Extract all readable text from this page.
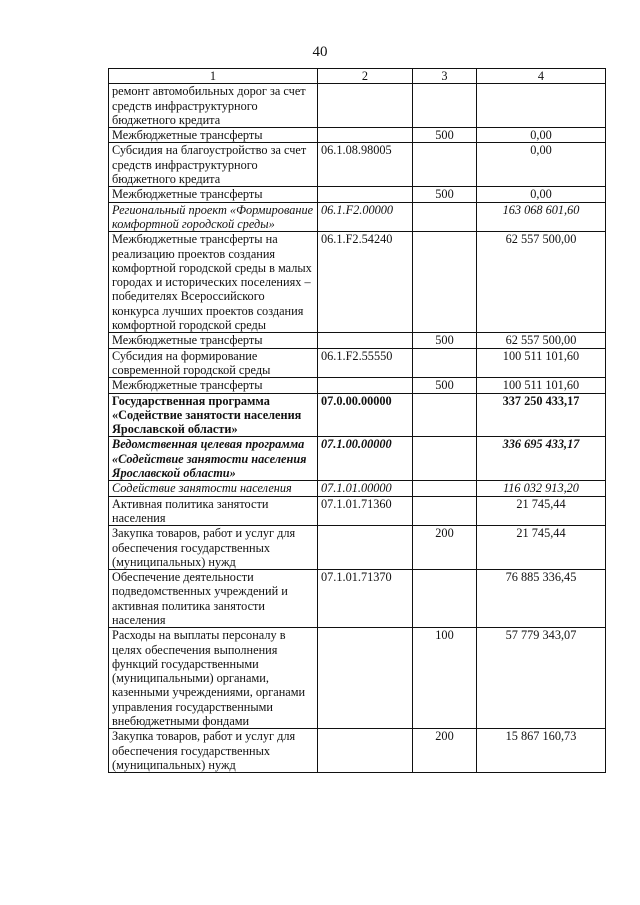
40
1	2	3	4
ремонт автомобильных дорог за счет средств инфраструктурного бюджетного кредита			
Межбюджетные трансферты		500	0,00
Субсидия на благоустройство за счет средств инфраструктурного бюджетного кредита	06.1.08.98005		0,00
Межбюджетные трансферты		500	0,00
Региональный проект «Формирование комфортной городской среды»	06.1.F2.00000		163 068 601,60
Межбюджетные трансферты на реализацию проектов создания комфортной городской среды в малых городах и исторических поселениях – победителях Всероссийского конкурса лучших проектов создания комфортной городской среды	06.1.F2.54240		62 557 500,00
Межбюджетные трансферты		500	62 557 500,00
Субсидия на формирование современной городской среды	06.1.F2.55550		100 511 101,60
Межбюджетные трансферты		500	100 511 101,60
Государственная программа «Содействие занятости населения Ярославской области»	07.0.00.00000		337 250 433,17
Ведомственная целевая программа «Содействие занятости населения Ярославской области»	07.1.00.00000		336 695 433,17
Содействие занятости населения	07.1.01.00000		116 032 913,20
Активная политика занятости населения	07.1.01.71360		21 745,44
Закупка товаров, работ и услуг для обеспечения государственных (муниципальных) нужд		200	21 745,44
Обеспечение деятельности подведомственных учреждений и активная политика занятости населения	07.1.01.71370		76 885 336,45
Расходы на выплаты персоналу в целях обеспечения выполнения функций государственными (муниципальными) органами, казенными учреждениями, органами управления государственными внебюджетными фондами		100	57 779 343,07
Закупка товаров, работ и услуг для обеспечения государственных (муниципальных) нужд		200	15 867 160,73
